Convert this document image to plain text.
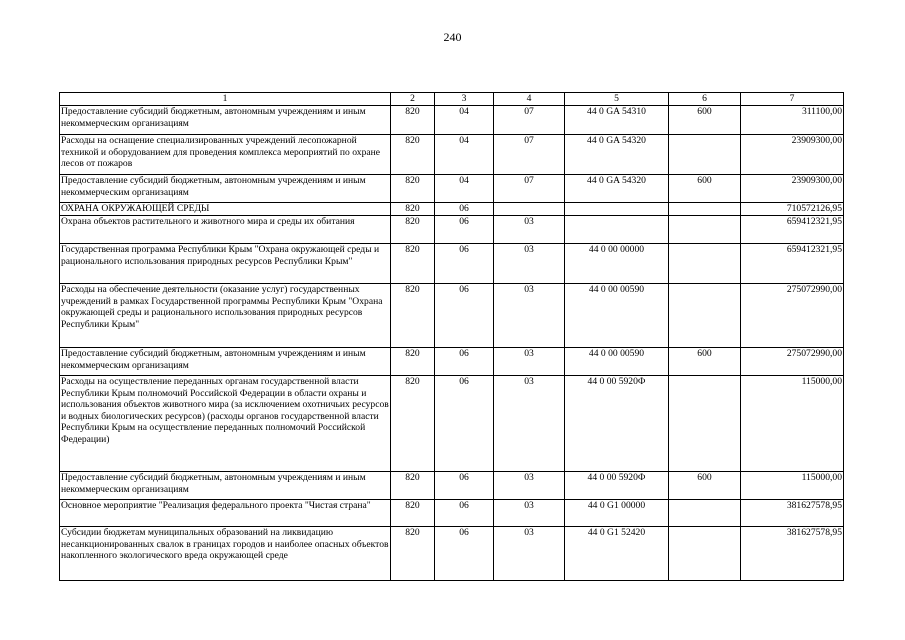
240
1	2	3	4	5	6	7
Предоставление субсидий бюджетным, автономным учреждениям и иным некоммерческим организациям	820	04	07	44 0 GA 54310	600	311100,00
Расходы на оснащение специализированных учреждений лесопожарной техникой и оборудованием для проведения комплекса мероприятий по охране лесов от пожаров	820	04	07	44 0 GA 54320		23909300,00
Предоставление субсидий бюджетным, автономным учреждениям и иным некоммерческим организациям	820	04	07	44 0 GA 54320	600	23909300,00
ОХРАНА ОКРУЖАЮЩЕЙ СРЕДЫ	820	06				710572126,95
Охрана объектов растительного и животного мира и среды их обитания	820	06	03			659412321,95
Государственная программа Республики Крым "Охрана окружающей среды и рационального использования природных ресурсов Республики Крым"	820	06	03	44 0 00 00000		659412321,95
Расходы на обеспечение деятельности (оказание услуг) государственных учреждений в рамках Государственной программы Республики Крым "Охрана окружающей среды и рационального использования природных ресурсов Республики Крым"	820	06	03	44 0 00 00590		275072990,00
Предоставление субсидий бюджетным, автономным учреждениям и иным некоммерческим организациям	820	06	03	44 0 00 00590	600	275072990,00
Расходы на осуществление переданных органам государственной власти Республики Крым полномочий Российской Федерации в области охраны и использования объектов животного мира (за исключением охотничьих ресурсов и водных биологических ресурсов) (расходы органов государственной власти Республики Крым на осуществление переданных полномочий Российской Федерации)	820	06	03	44 0 00 5920Ф		115000,00
Предоставление субсидий бюджетным, автономным учреждениям и иным некоммерческим организациям	820	06	03	44 0 00 5920Ф	600	115000,00
Основное мероприятие "Реализация федерального проекта "Чистая страна"	820	06	03	44 0 G1 00000		381627578,95
Субсидии бюджетам муниципальных образований на ликвидацию несанкционированных свалок в границах городов и наиболее опасных объектов накопленного экологического вреда окружающей среде	820	06	03	44 0 G1 52420		381627578,95
